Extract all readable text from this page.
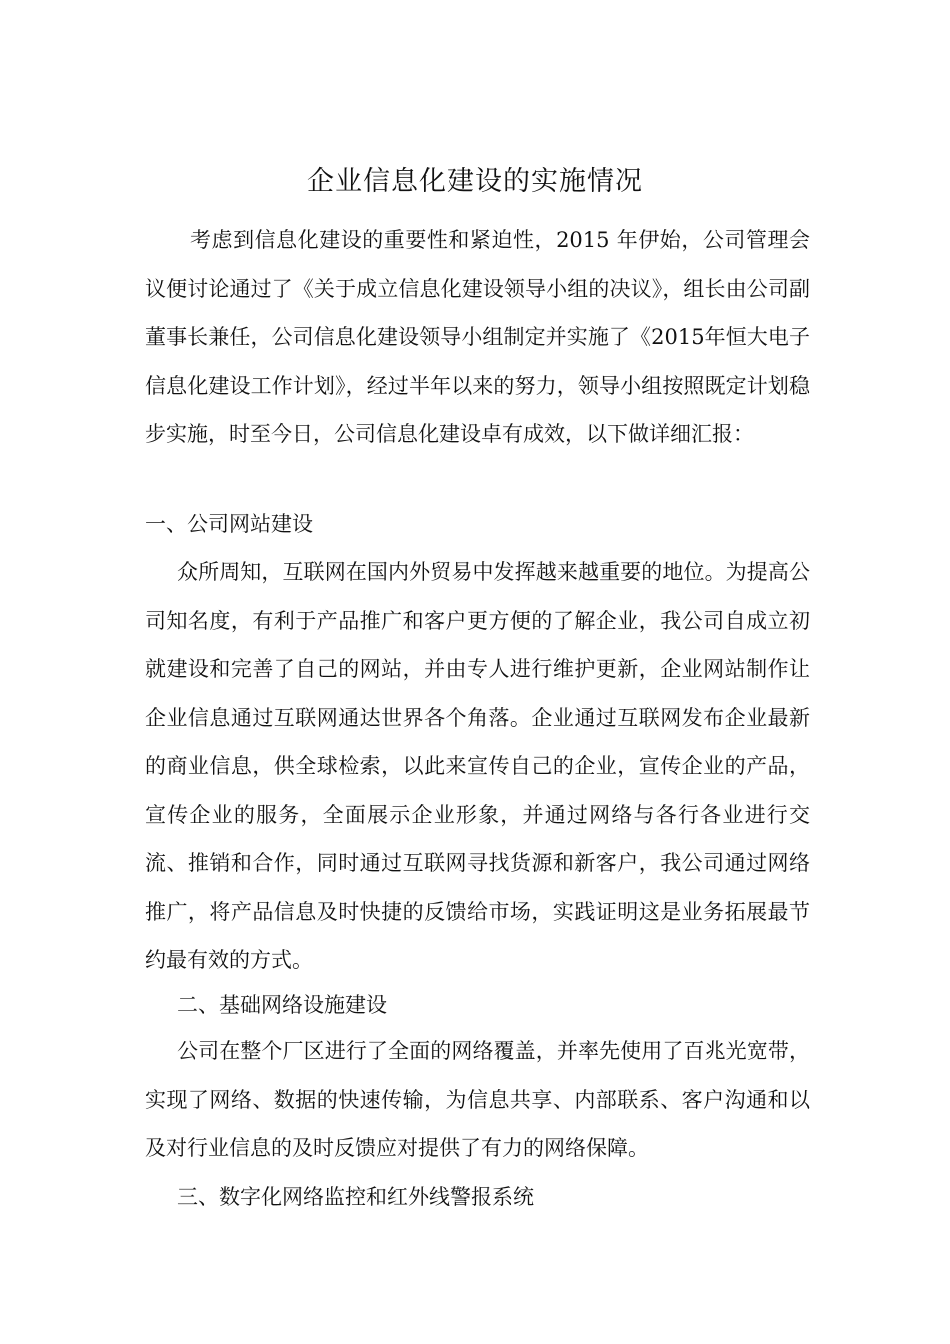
企业信息化建设的实施情况

考虑到信息化建设的重要性和紧迫性，2015 年伊始，公司管理会议便讨论通过了《关于成立信息化建设领导小组的决议》，组长由公司副董事长兼任，公司信息化建设领导小组制定并实施了《2015年恒大电子信息化建设工作计划》，经过半年以来的努力，领导小组按照既定计划稳步实施，时至今日，公司信息化建设卓有成效，以下做详细汇报：

一、公司网站建设

众所周知，互联网在国内外贸易中发挥越来越重要的地位。为提高公司知名度，有利于产品推广和客户更方便的了解企业，我公司自成立初就建设和完善了自己的网站，并由专人进行维护更新，企业网站制作让企业信息通过互联网通达世界各个角落。企业通过互联网发布企业最新的商业信息，供全球检索，以此来宣传自己的企业，宣传企业的产品，宣传企业的服务，全面展示企业形象，并通过网络与各行各业进行交流、推销和合作，同时通过互联网寻找货源和新客户，我公司通过网络推广，将产品信息及时快捷的反馈给市场，实践证明这是业务拓展最节约最有效的方式。

二、基础网络设施建设

公司在整个厂区进行了全面的网络覆盖，并率先使用了百兆光宽带，实现了网络、数据的快速传输，为信息共享、内部联系、客户沟通和以及对行业信息的及时反馈应对提供了有力的网络保障。

三、数字化网络监控和红外线警报系统
